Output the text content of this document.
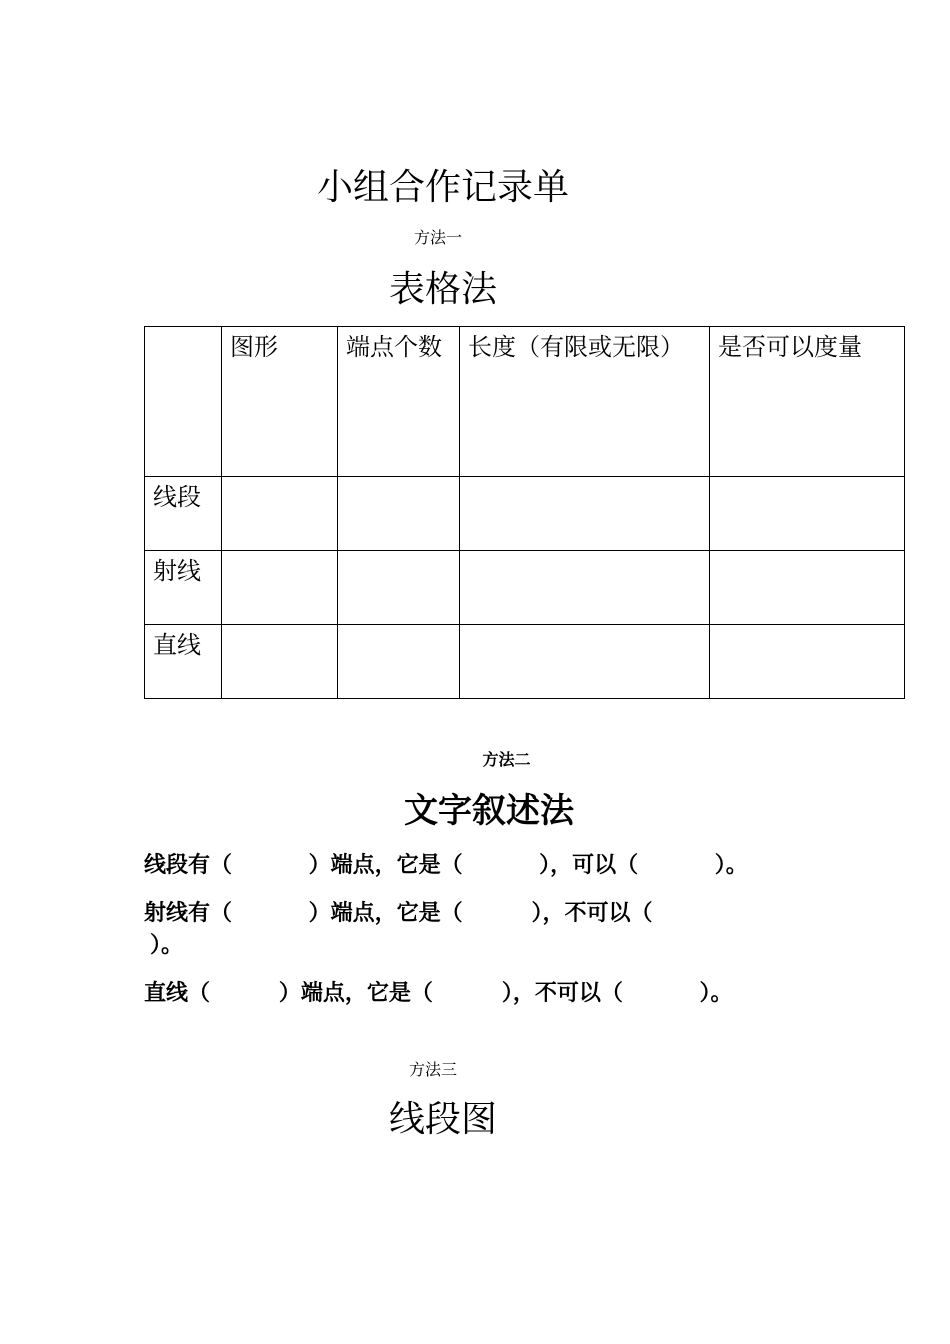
小组合作记录单
方法一
表格法
	图形	端点个数	长度（有限或无限）	是否可以度量
线段				
射线				
直线				
方法二
文字叙述法
线段有（          ）端点，它是（          ），可以（          ）。
射线有（          ）端点，它是（         ），不可以（
）。
直线（         ）端点，它是（         ），不可以（          ）。
方法三
线段图
